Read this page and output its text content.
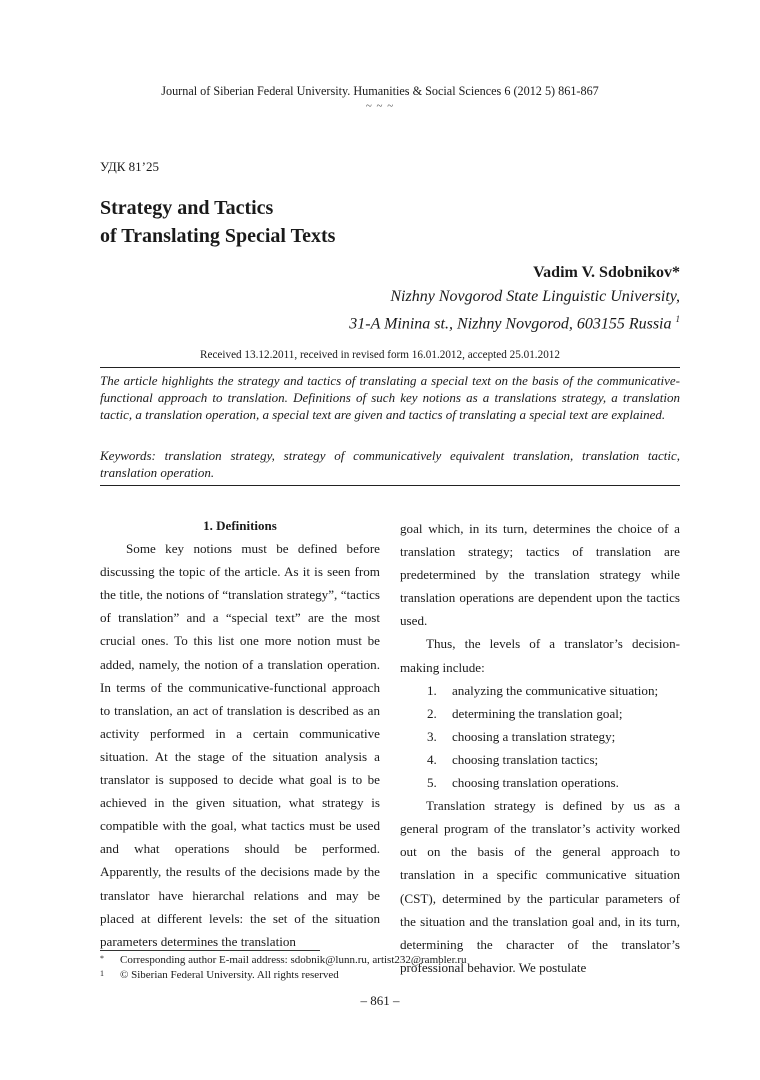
Journal of Siberian Federal University. Humanities & Social Sciences 6 (2012 5) 861-867
~ ~ ~
УДК 81’25
Strategy and Tactics
of Translating Special Texts
Vadim V. Sdobnikov*
Nizhny Novgorod State Linguistic University,
31-A Minina st., Nizhny Novgorod, 603155 Russia $^1$
Received 13.12.2011, received in revised form 16.01.2012, accepted 25.01.2012
The article highlights the strategy and tactics of translating a special text on the basis of the communicative-functional approach to translation. Definitions of such key notions as a translations strategy, a translation tactic, a translation operation, a special text are given and tactics of translating a special text are explained.
Keywords: translation strategy, strategy of communicatively equivalent translation, translation tactic, translation operation.

1. Definitions

Some key notions must be defined before discussing the topic of the article. As it is seen from the title, the notions of “translation strategy”, “tactics of translation” and a “special text” are the most crucial ones. To this list one more notion must be added, namely, the notion of a translation operation. In terms of the communicative-functional approach to translation, an act of translation is described as an activity performed in a certain communicative situation. At the stage of the situation analysis a translator is supposed to decide what goal is to be achieved in the given situation, what strategy is compatible with the goal, what tactics must be used and what operations should be performed. Apparently, the results of the decisions made by the translator have hierarchal relations and may be placed at different levels: the set of the situation parameters determines the translation

goal which, in its turn, determines the choice of a translation strategy; tactics of translation are predetermined by the translation strategy while translation operations are dependent upon the tactics used.

Thus, the levels of a translator’s decision-making include:

1. analyzing the communicative situation;
2. determining the translation goal;
3. choosing a translation strategy;
4. choosing translation tactics;
5. choosing translation operations.

Translation strategy is defined by us as a general program of the translator’s activity worked out on the basis of the general approach to translation in a specific communicative situation (CST), determined by the particular parameters of the situation and the translation goal and, in its turn, determining the character of the translator’s professional behavior. We postulate

* Corresponding author E-mail address: sdobnik@lunn.ru, artist232@rambler.ru
1 © Siberian Federal University. All rights reserved
– 861 –
